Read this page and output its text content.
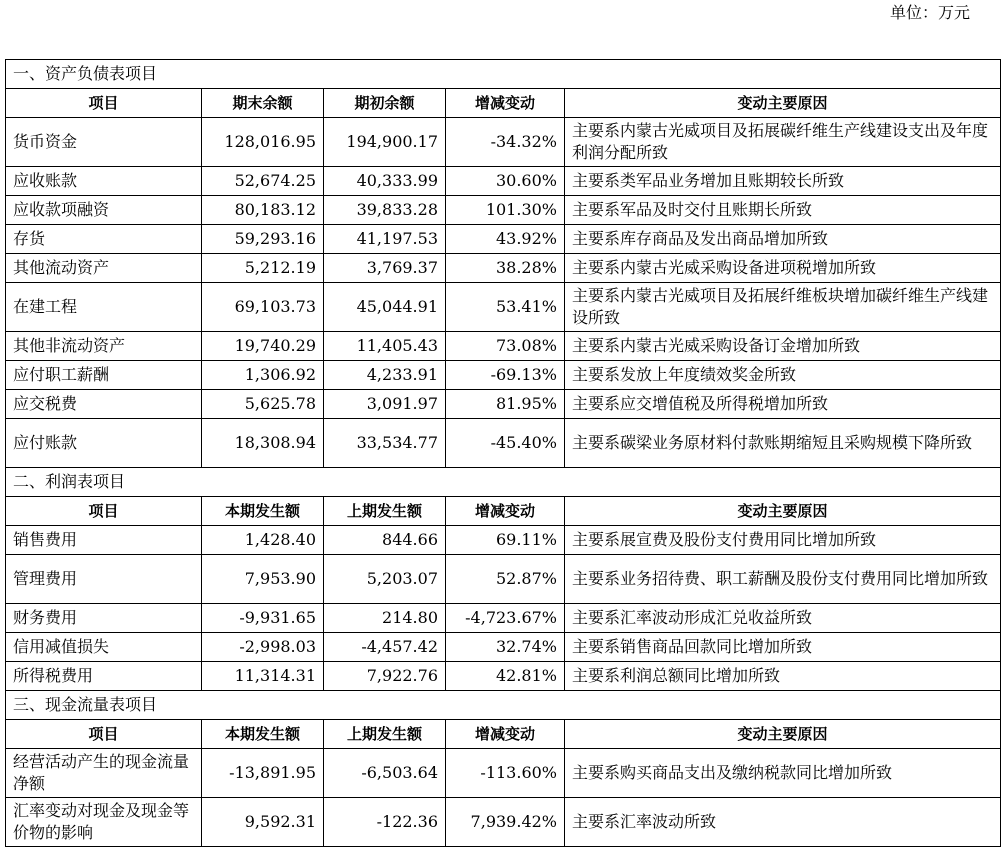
单位：万元
一、资产负债表项目				
项目	期末余额	期初余额	增减变动	变动主要原因
货币资金	128,016.95	194,900.17	-34.32%	主要系内蒙古光威项目及拓展碳纤维生产线建设支出及年度利润分配所致
应收账款	52,674.25	40,333.99	30.60%	主要系类军品业务增加且账期较长所致
应收款项融资	80,183.12	39,833.28	101.30%	主要系军品及时交付且账期长所致
存货	59,293.16	41,197.53	43.92%	主要系库存商品及发出商品增加所致
其他流动资产	5,212.19	3,769.37	38.28%	主要系内蒙古光威采购设备进项税增加所致
在建工程	69,103.73	45,044.91	53.41%	主要系内蒙古光威项目及拓展纤维板块增加碳纤维生产线建设所致
其他非流动资产	19,740.29	11,405.43	73.08%	主要系内蒙古光威采购设备订金增加所致
应付职工薪酬	1,306.92	4,233.91	-69.13%	主要系发放上年度绩效奖金所致
应交税费	5,625.78	3,091.97	81.95%	主要系应交增值税及所得税增加所致
应付账款	18,308.94	33,534.77	-45.40%	主要系碳梁业务原材料付款账期缩短且采购规模下降所致
二、利润表项目				
项目	本期发生额	上期发生额	增减变动	变动主要原因
销售费用	1,428.40	844.66	69.11%	主要系展宣费及股份支付费用同比增加所致
管理费用	7,953.90	5,203.07	52.87%	主要系业务招待费、职工薪酬及股份支付费用同比增加所致
财务费用	-9,931.65	214.80	-4,723.67%	主要系汇率波动形成汇兑收益所致
信用减值损失	-2,998.03	-4,457.42	32.74%	主要系销售商品回款同比增加所致
所得税费用	11,314.31	7,922.76	42.81%	主要系利润总额同比增加所致
三、现金流量表项目				
项目	本期发生额	上期发生额	增减变动	变动主要原因
经营活动产生的现金流量净额	-13,891.95	-6,503.64	-113.60%	主要系购买商品支出及缴纳税款同比增加所致
汇率变动对现金及现金等价物的影响	9,592.31	-122.36	7,939.42%	主要系汇率波动所致
